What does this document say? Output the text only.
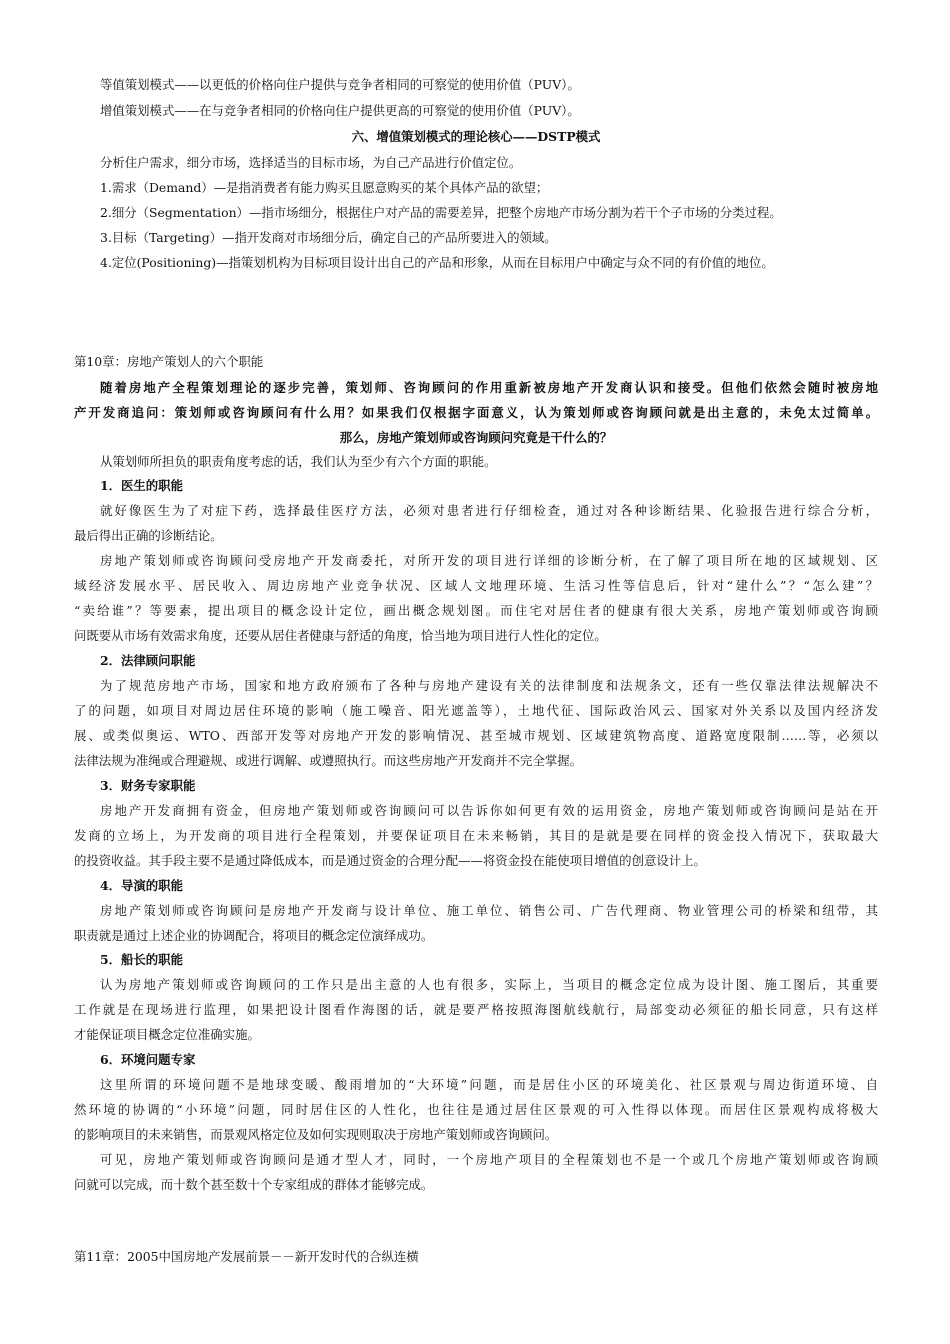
等值策划模式——以更低的价格向住户提供与竞争者相同的可察觉的使用价值（PUV）。

增值策划模式——在与竞争者相同的价格向住户提供更高的可察觉的使用价值（PUV）。

六、增值策划模式的理论核心——DSTP模式

分析住户需求，细分市场，选择适当的目标市场，为自己产品进行价值定位。

1.需求（Demand）—是指消费者有能力购买且愿意购买的某个具体产品的欲望；

2.细分（Segmentation）—指市场细分，根据住户对产品的需要差异，把整个房地产市场分割为若干个子市场的分类过程。

3.目标（Targeting）—指开发商对市场细分后，确定自己的产品所要进入的领域。

4.定位(Positioning)—指策划机构为目标项目设计出自己的产品和形象，从而在目标用户中确定与众不同的有价值的地位。

第10章：房地产策划人的六个职能

随着房地产全程策划理论的逐步完善，策划师、咨询顾问的作用重新被房地产开发商认识和接受。但他们依然会随时被房地

产开发商追问：策划师或咨询顾问有什么用？如果我们仅根据字面意义，认为策划师或咨询顾问就是出主意的，未免太过简单。

那么，房地产策划师或咨询顾问究竟是干什么的？

从策划师所担负的职责角度考虑的话，我们认为至少有六个方面的职能。

1．医生的职能

就好像医生为了对症下药，选择最佳医疗方法，必须对患者进行仔细检查，通过对各种诊断结果、化验报告进行综合分析，

最后得出正确的诊断结论。

房地产策划师或咨询顾问受房地产开发商委托，对所开发的项目进行详细的诊断分析，在了解了项目所在地的区域规划、区

域经济发展水平、居民收入、周边房地产业竞争状况、区域人文地理环境、生活习性等信息后，针对“建什么”？“怎么建”？

“卖给谁”？等要素，提出项目的概念设计定位，画出概念规划图。而住宅对居住者的健康有很大关系，房地产策划师或咨询顾

问既要从市场有效需求角度，还要从居住者健康与舒适的角度，恰当地为项目进行人性化的定位。

2．法律顾问职能

为了规范房地产市场，国家和地方政府颁布了各种与房地产建设有关的法律制度和法规条文，还有一些仅靠法律法规解决不

了的问题，如项目对周边居住环境的影响（施工噪音、阳光遮盖等），土地代征、国际政治风云、国家对外关系以及国内经济发

展、或类似奥运、WTO、西部开发等对房地产开发的影响情况、甚至城市规划、区域建筑物高度、道路宽度限制……等，必须以

法律法规为准绳或合理避规、或进行调解、或遵照执行。而这些房地产开发商并不完全掌握。

3．财务专家职能

房地产开发商拥有资金，但房地产策划师或咨询顾问可以告诉你如何更有效的运用资金，房地产策划师或咨询顾问是站在开

发商的立场上，为开发商的项目进行全程策划，并要保证项目在未来畅销，其目的是就是要在同样的资金投入情况下，获取最大

的投资收益。其手段主要不是通过降低成本，而是通过资金的合理分配——将资金投在能使项目增值的创意设计上。

4．导演的职能

房地产策划师或咨询顾问是房地产开发商与设计单位、施工单位、销售公司、广告代理商、物业管理公司的桥梁和纽带，其

职责就是通过上述企业的协调配合，将项目的概念定位演绎成功。

5．船长的职能

认为房地产策划师或咨询顾问的工作只是出主意的人也有很多，实际上，当项目的概念定位成为设计图、施工图后，其重要

工作就是在现场进行监理，如果把设计图看作海图的话，就是要严格按照海图航线航行，局部变动必须征的船长同意，只有这样

才能保证项目概念定位准确实施。

6．环境问题专家

这里所谓的环境问题不是地球变暖、酸雨增加的“大环境”问题，而是居住小区的环境美化、社区景观与周边街道环境、自

然环境的协调的“小环境”问题，同时居住区的人性化，也往往是通过居住区景观的可入性得以体现。而居住区景观构成将极大

的影响项目的未来销售，而景观风格定位及如何实现则取决于房地产策划师或咨询顾问。

可见，房地产策划师或咨询顾问是通才型人才，同时，一个房地产项目的全程策划也不是一个或几个房地产策划师或咨询顾

问就可以完成，而十数个甚至数十个专家组成的群体才能够完成。

第11章：2005中国房地产发展前景－－新开发时代的合纵连横
